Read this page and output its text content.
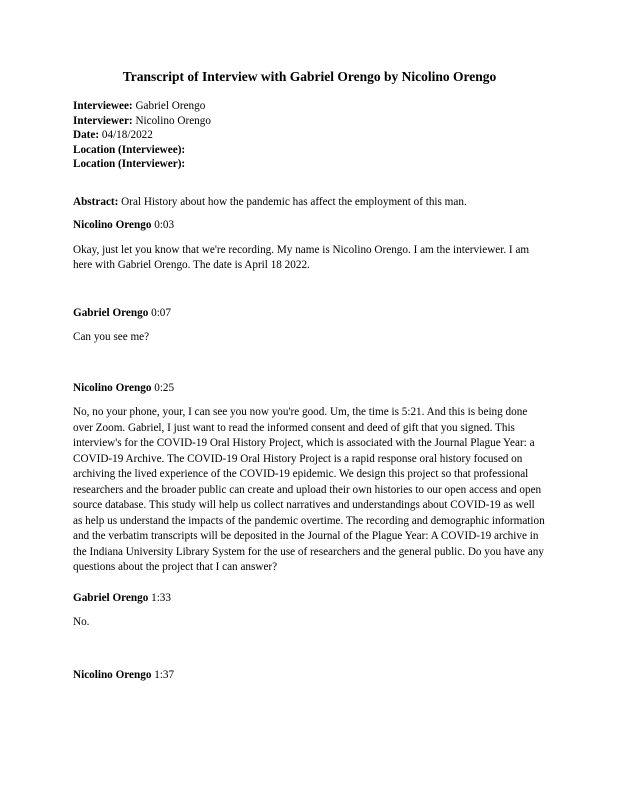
Transcript of Interview with Gabriel Orengo by Nicolino Orengo

Interviewee: Gabriel Orengo

Interviewer: Nicolino Orengo

Date: 04/18/2022

Location (Interviewee):

Location (Interviewer):

Abstract: Oral History about how the pandemic has affect the employment of this man.

Nicolino Orengo 0:03

Okay, just let you know that we're recording. My name is Nicolino Orengo. I am the interviewer. I am here with Gabriel Orengo. The date is April 18 2022.

Gabriel Orengo 0:07

Can you see me?

Nicolino Orengo 0:25

No, no your phone, your, I can see you now you're good. Um, the time is 5:21. And this is being done over Zoom. Gabriel, I just want to read the informed consent and deed of gift that you signed. This interview's for the COVID-19 Oral History Project, which is associated with the Journal Plague Year: a COVID-19 Archive. The COVID-19 Oral History Project is a rapid response oral history focused on archiving the lived experience of the COVID-19 epidemic. We design this project so that professional researchers and the broader public can create and upload their own histories to our open access and open source database. This study will help us collect narratives and understandings about COVID-19 as well as help us understand the impacts of the pandemic overtime. The recording and demographic information and the verbatim transcripts will be deposited in the Journal of the Plague Year: A COVID-19 archive in the Indiana University Library System for the use of researchers and the general public. Do you have any questions about the project that I can answer?

Gabriel Orengo 1:33

No.

Nicolino Orengo 1:37
